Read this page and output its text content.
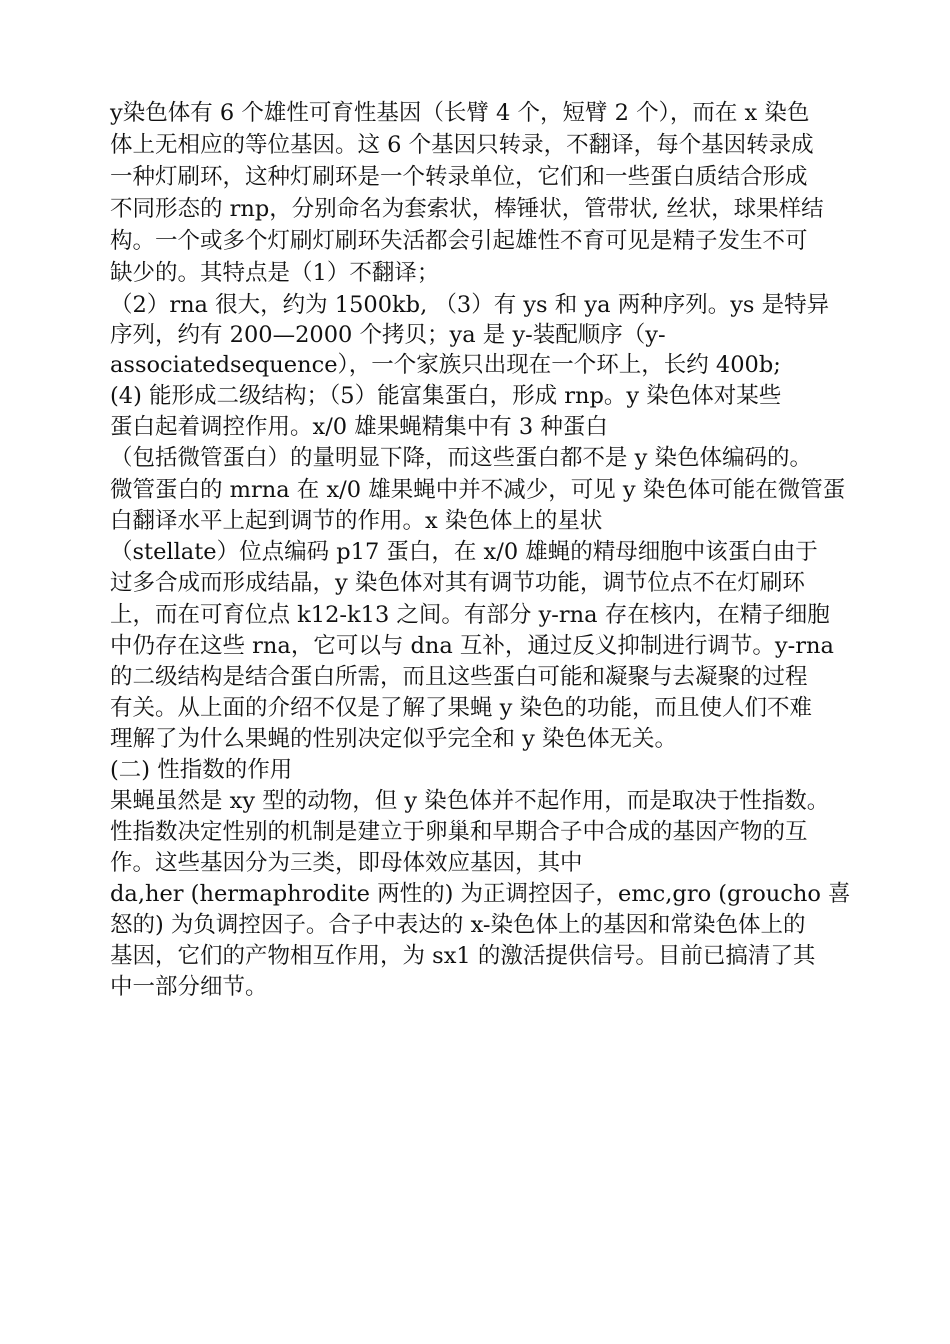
y染色体有 6 个雄性可育性基因（长臂 4 个，短臂 2 个），而在 x 染色
体上无相应的等位基因。这 6 个基因只转录，不翻译，每个基因转录成
一种灯刷环，这种灯刷环是一个转录单位，它们和一些蛋白质结合形成
不同形态的 rnp，分别命名为套索状，棒锤状，管带状, 丝状，球果样结
构。一个或多个灯刷灯刷环失活都会引起雄性不育可见是精子发生不可
缺少的。其特点是（1）不翻译；
（2）rna 很大，约为 1500kb, （3）有 ys 和 ya 两种序列。ys 是特异
序列，约有 200—2000 个拷贝；ya 是 y-装配顺序（y-
associatedsequence），一个家族只出现在一个环上，长约 400b;
(4) 能形成二级结构；（5）能富集蛋白，形成 rnp。y 染色体对某些
蛋白起着调控作用。x/0 雄果蝇精集中有 3 种蛋白
（包括微管蛋白）的量明显下降，而这些蛋白都不是 y 染色体编码的。
微管蛋白的 mrna 在 x/0 雄果蝇中并不减少，可见 y 染色体可能在微管蛋
白翻译水平上起到调节的作用。x 染色体上的星状
（stellate）位点编码 p17 蛋白，在 x/0 雄蝇的精母细胞中该蛋白由于
过多合成而形成结晶，y 染色体对其有调节功能，调节位点不在灯刷环
上，而在可育位点 k12-k13 之间。有部分 y-rna 存在核内，在精子细胞
中仍存在这些 rna，它可以与 dna 互补，通过反义抑制进行调节。y-rna
的二级结构是结合蛋白所需，而且这些蛋白可能和凝聚与去凝聚的过程
有关。从上面的介绍不仅是了解了果蝇 y 染色的功能，而且使人们不难
理解了为什么果蝇的性别决定似乎完全和 y 染色体无关。
(二) 性指数的作用
果蝇虽然是 xy 型的动物，但 y 染色体并不起作用，而是取决于性指数。
性指数决定性别的机制是建立于卵巢和早期合子中合成的基因产物的互
作。这些基因分为三类，即母体效应基因，其中
da,her (hermaphrodite 两性的) 为正调控因子，emc,gro (groucho 喜
怒的) 为负调控因子。合子中表达的 x-染色体上的基因和常染色体上的
基因，它们的产物相互作用，为 sx1 的激活提供信号。目前已搞清了其
中一部分细节。
